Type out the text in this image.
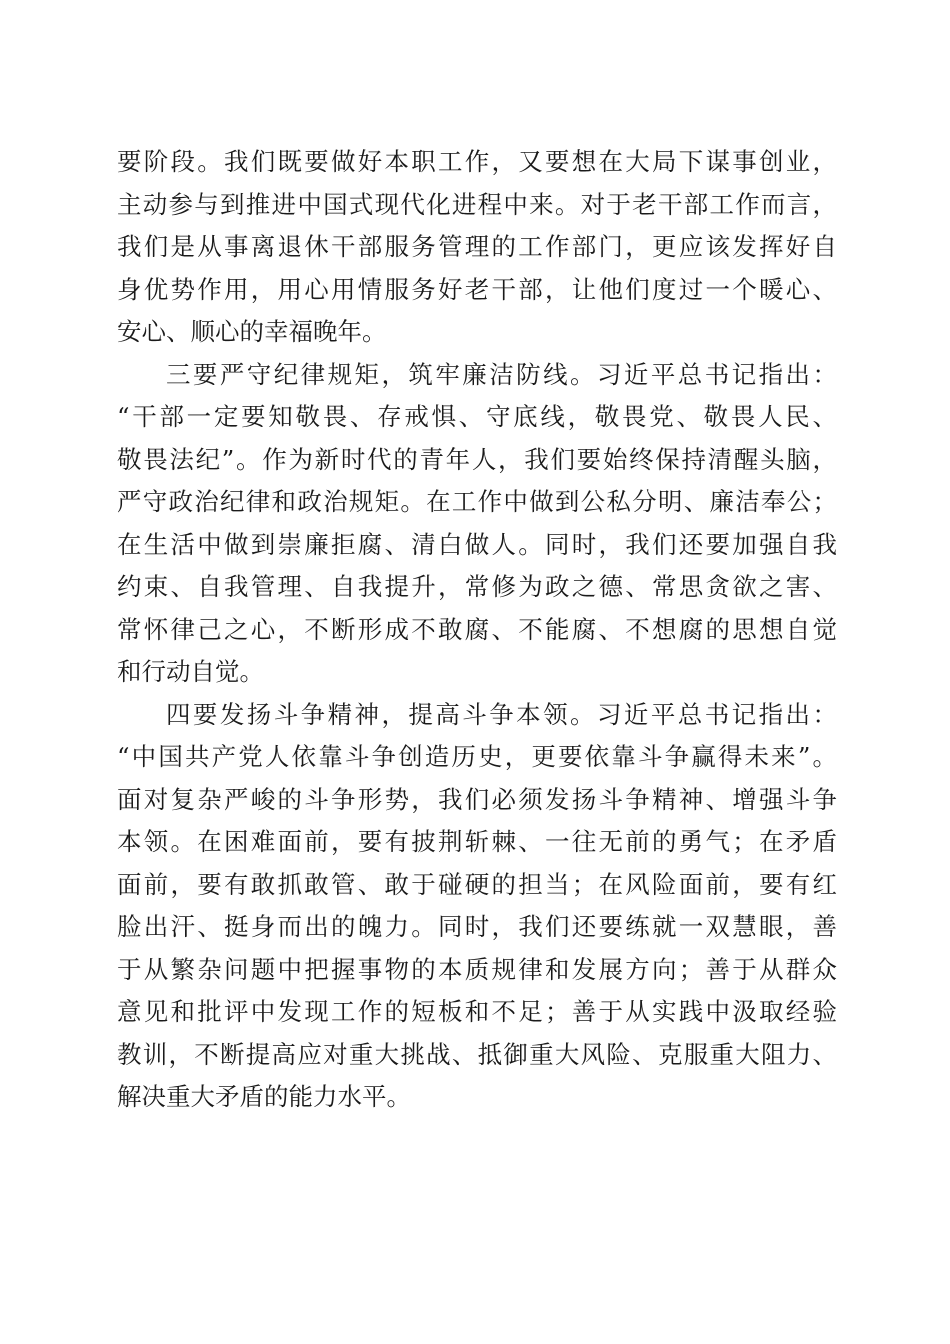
要阶段。我们既要做好本职工作，又要想在大局下谋事创业，
主动参与到推进中国式现代化进程中来。对于老干部工作而言，
我们是从事离退休干部服务管理的工作部门，更应该发挥好自
身优势作用，用心用情服务好老干部，让他们度过一个暖心、
安心、顺心的幸福晚年。
三要严守纪律规矩，筑牢廉洁防线。习近平总书记指出：
“干部一定要知敬畏、存戒惧、守底线，敬畏党、敬畏人民、
敬畏法纪”。作为新时代的青年人，我们要始终保持清醒头脑，
严守政治纪律和政治规矩。在工作中做到公私分明、廉洁奉公；
在生活中做到崇廉拒腐、清白做人。同时，我们还要加强自我
约束、自我管理、自我提升，常修为政之德、常思贪欲之害、
常怀律己之心，不断形成不敢腐、不能腐、不想腐的思想自觉
和行动自觉。
四要发扬斗争精神，提高斗争本领。习近平总书记指出：
“中国共产党人依靠斗争创造历史，更要依靠斗争赢得未来”。
面对复杂严峻的斗争形势，我们必须发扬斗争精神、增强斗争
本领。在困难面前，要有披荆斩棘、一往无前的勇气；在矛盾
面前，要有敢抓敢管、敢于碰硬的担当；在风险面前，要有红
脸出汗、挺身而出的魄力。同时，我们还要练就一双慧眼，善
于从繁杂问题中把握事物的本质规律和发展方向；善于从群众
意见和批评中发现工作的短板和不足；善于从实践中汲取经验
教训，不断提高应对重大挑战、抵御重大风险、克服重大阻力、
解决重大矛盾的能力水平。
